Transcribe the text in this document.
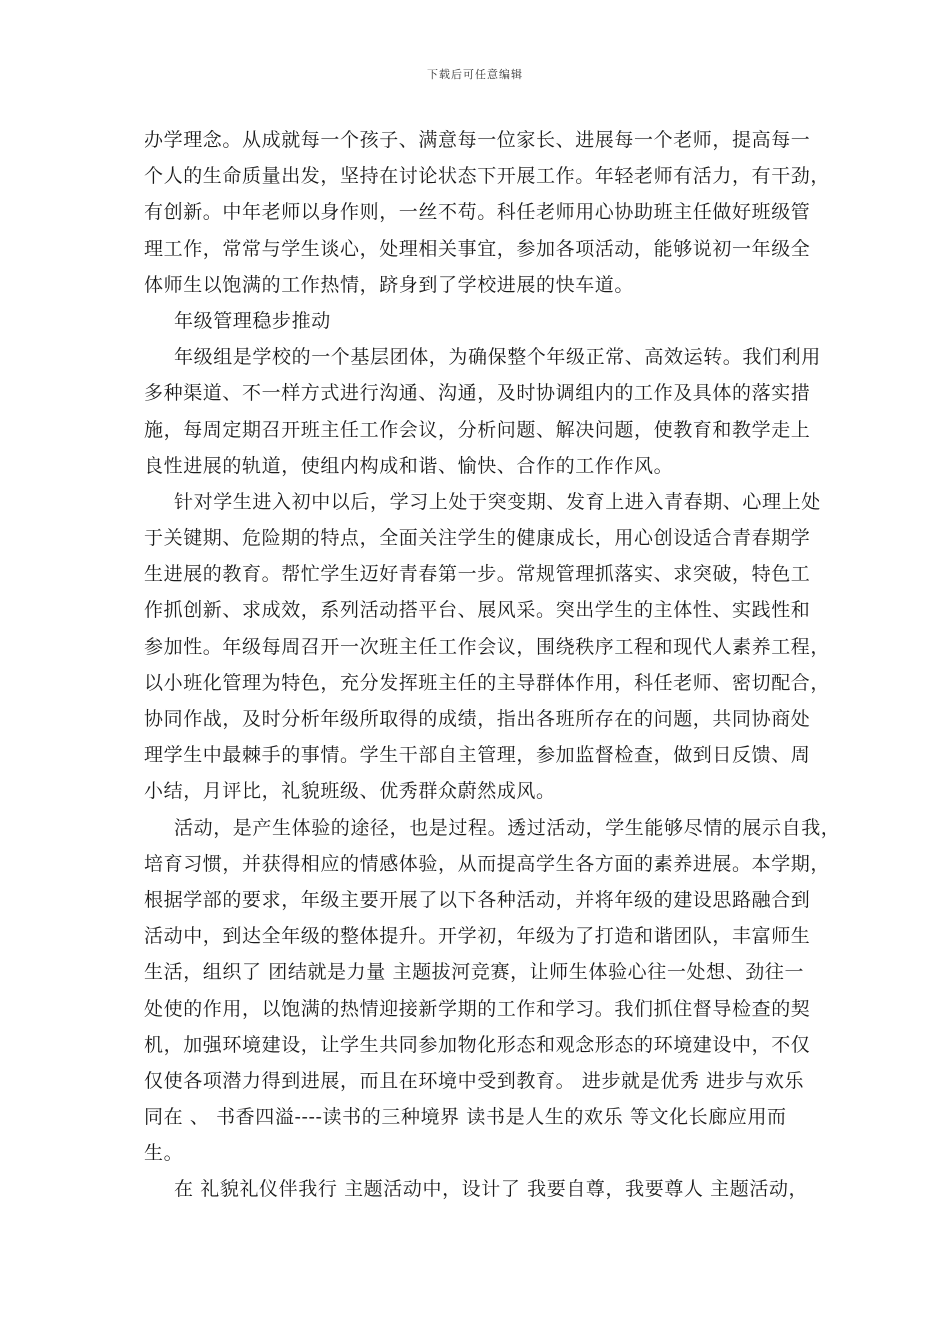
下载后可任意编辑
办学理念。从成就每一个孩子、满意每一位家长、进展每一个老师，提高每一
个人的生命质量出发，坚持在讨论状态下开展工作。年轻老师有活力，有干劲，
有创新。中年老师以身作则，一丝不苟。科任老师用心协助班主任做好班级管
理工作，常常与学生谈心，处理相关事宜，参加各项活动，能够说初一年级全
体师生以饱满的工作热情，跻身到了学校进展的快车道。
年级管理稳步推动
年级组是学校的一个基层团体，为确保整个年级正常、高效运转。我们利用
多种渠道、不一样方式进行沟通、沟通，及时协调组内的工作及具体的落实措
施，每周定期召开班主任工作会议，分析问题、解决问题，使教育和教学走上
良性进展的轨道，使组内构成和谐、愉快、合作的工作作风。
针对学生进入初中以后，学习上处于突变期、发育上进入青春期、心理上处
于关键期、危险期的特点，全面关注学生的健康成长，用心创设适合青春期学
生进展的教育。帮忙学生迈好青春第一步。常规管理抓落实、求突破，特色工
作抓创新、求成效，系列活动搭平台、展风采。突出学生的主体性、实践性和
参加性。年级每周召开一次班主任工作会议，围绕秩序工程和现代人素养工程，
以小班化管理为特色，充分发挥班主任的主导群体作用，科任老师、密切配合，
协同作战，及时分析年级所取得的成绩，指出各班所存在的问题，共同协商处
理学生中最棘手的事情。学生干部自主管理，参加监督检查，做到日反馈、周
小结，月评比，礼貌班级、优秀群众蔚然成风。
活动，是产生体验的途径，也是过程。透过活动，学生能够尽情的展示自我，
培育习惯，并获得相应的情感体验，从而提高学生各方面的素养进展。本学期，
根据学部的要求，年级主要开展了以下各种活动，并将年级的建设思路融合到
活动中，到达全年级的整体提升。开学初，年级为了打造和谐团队，丰富师生
生活，组织了 团结就是力量 主题拔河竞赛，让师生体验心往一处想、劲往一
处使的作用，以饱满的热情迎接新学期的工作和学习。我们抓住督导检查的契
机，加强环境建设，让学生共同参加物化形态和观念形态的环境建设中，不仅
仅使各项潜力得到进展，而且在环境中受到教育。 进步就是优秀 进步与欢乐
同在 、 书香四溢----读书的三种境界 读书是人生的欢乐 等文化长廊应用而
生。
在 礼貌礼仪伴我行 主题活动中，设计了 我要自尊，我要尊人 主题活动，
